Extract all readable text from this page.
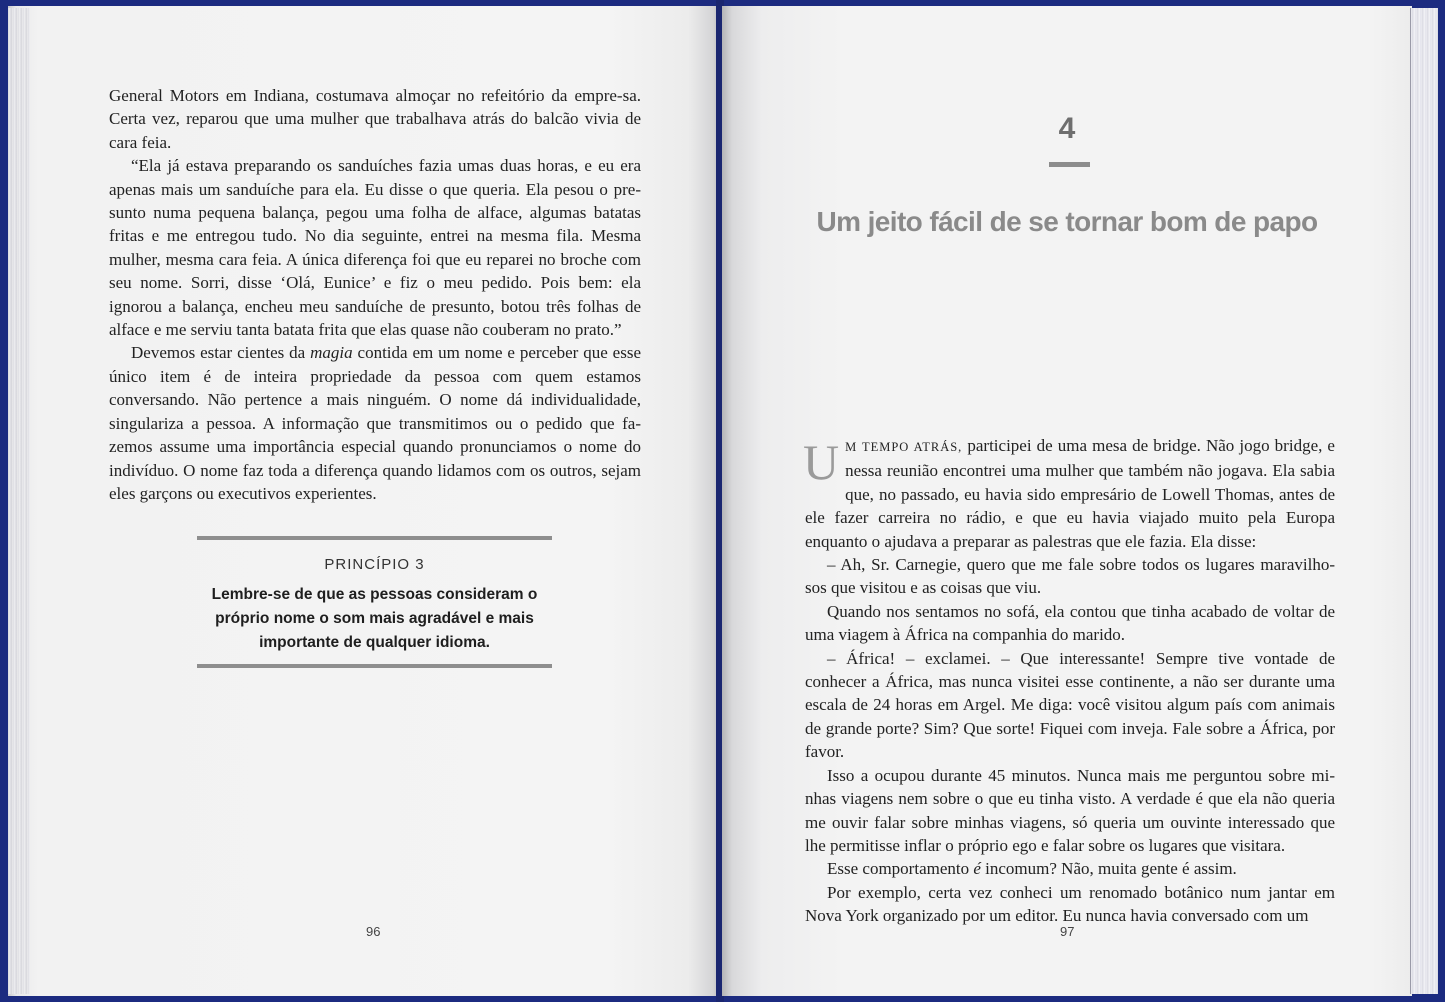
General Motors em Indiana, costumava almoçar no refeitório da empre-sa. Certa vez, reparou que uma mulher que trabalhava atrás do balcão vivia de cara feia.

“Ela já estava preparando os sanduíches fazia umas duas horas, e eu era apenas mais um sanduíche para ela. Eu disse o que queria. Ela pesou o pre-sunto numa pequena balança, pegou uma folha de alface, algumas batatas fritas e me entregou tudo. No dia seguinte, entrei na mesma fila. Mesma mulher, mesma cara feia. A única diferença foi que eu reparei no broche com seu nome. Sorri, disse ‘Olá, Eunice’ e fiz o meu pedido. Pois bem: ela ignorou a balança, encheu meu sanduíche de presunto, botou três folhas de alface e me serviu tanta batata frita que elas quase não couberam no prato.”

Devemos estar cientes da magia contida em um nome e perceber que esse único item é de inteira propriedade da pessoa com quem estamos conversando. Não pertence a mais ninguém. O nome dá individualidade, singulariza a pessoa. A informação que transmitimos ou o pedido que fa-zemos assume uma importância especial quando pronunciamos o nome do indivíduo. O nome faz toda a diferença quando lidamos com os outros, sejam eles garçons ou executivos experientes.

PRINCÍPIO 3
Lembre-se de que as pessoas consideram o próprio nome o som mais agradável e mais importante de qualquer idioma.
96
4
Um jeito fácil de se tornar bom de papo

UM TEMPO ATRÁS, participei de uma mesa de bridge. Não jogo bridge, e nessa reunião encontrei uma mulher que também não jogava. Ela sabia que, no passado, eu havia sido empresário de Lowell Thomas, antes de ele fazer carreira no rádio, e que eu havia viajado muito pela Europa enquanto o ajudava a preparar as palestras que ele fazia. Ela disse:

– Ah, Sr. Carnegie, quero que me fale sobre todos os lugares maravilho-sos que visitou e as coisas que viu.

Quando nos sentamos no sofá, ela contou que tinha acabado de voltar de uma viagem à África na companhia do marido.

– África! – exclamei. – Que interessante! Sempre tive vontade de conhecer a África, mas nunca visitei esse continente, a não ser durante uma escala de 24 horas em Argel. Me diga: você visitou algum país com animais de grande porte? Sim? Que sorte! Fiquei com inveja. Fale sobre a África, por favor.

Isso a ocupou durante 45 minutos. Nunca mais me perguntou sobre mi-nhas viagens nem sobre o que eu tinha visto. A verdade é que ela não queria me ouvir falar sobre minhas viagens, só queria um ouvinte interessado que lhe permitisse inflar o próprio ego e falar sobre os lugares que visitara.

Esse comportamento é incomum? Não, muita gente é assim.

Por exemplo, certa vez conheci um renomado botânico num jantar em Nova York organizado por um editor. Eu nunca havia conversado com um

97
